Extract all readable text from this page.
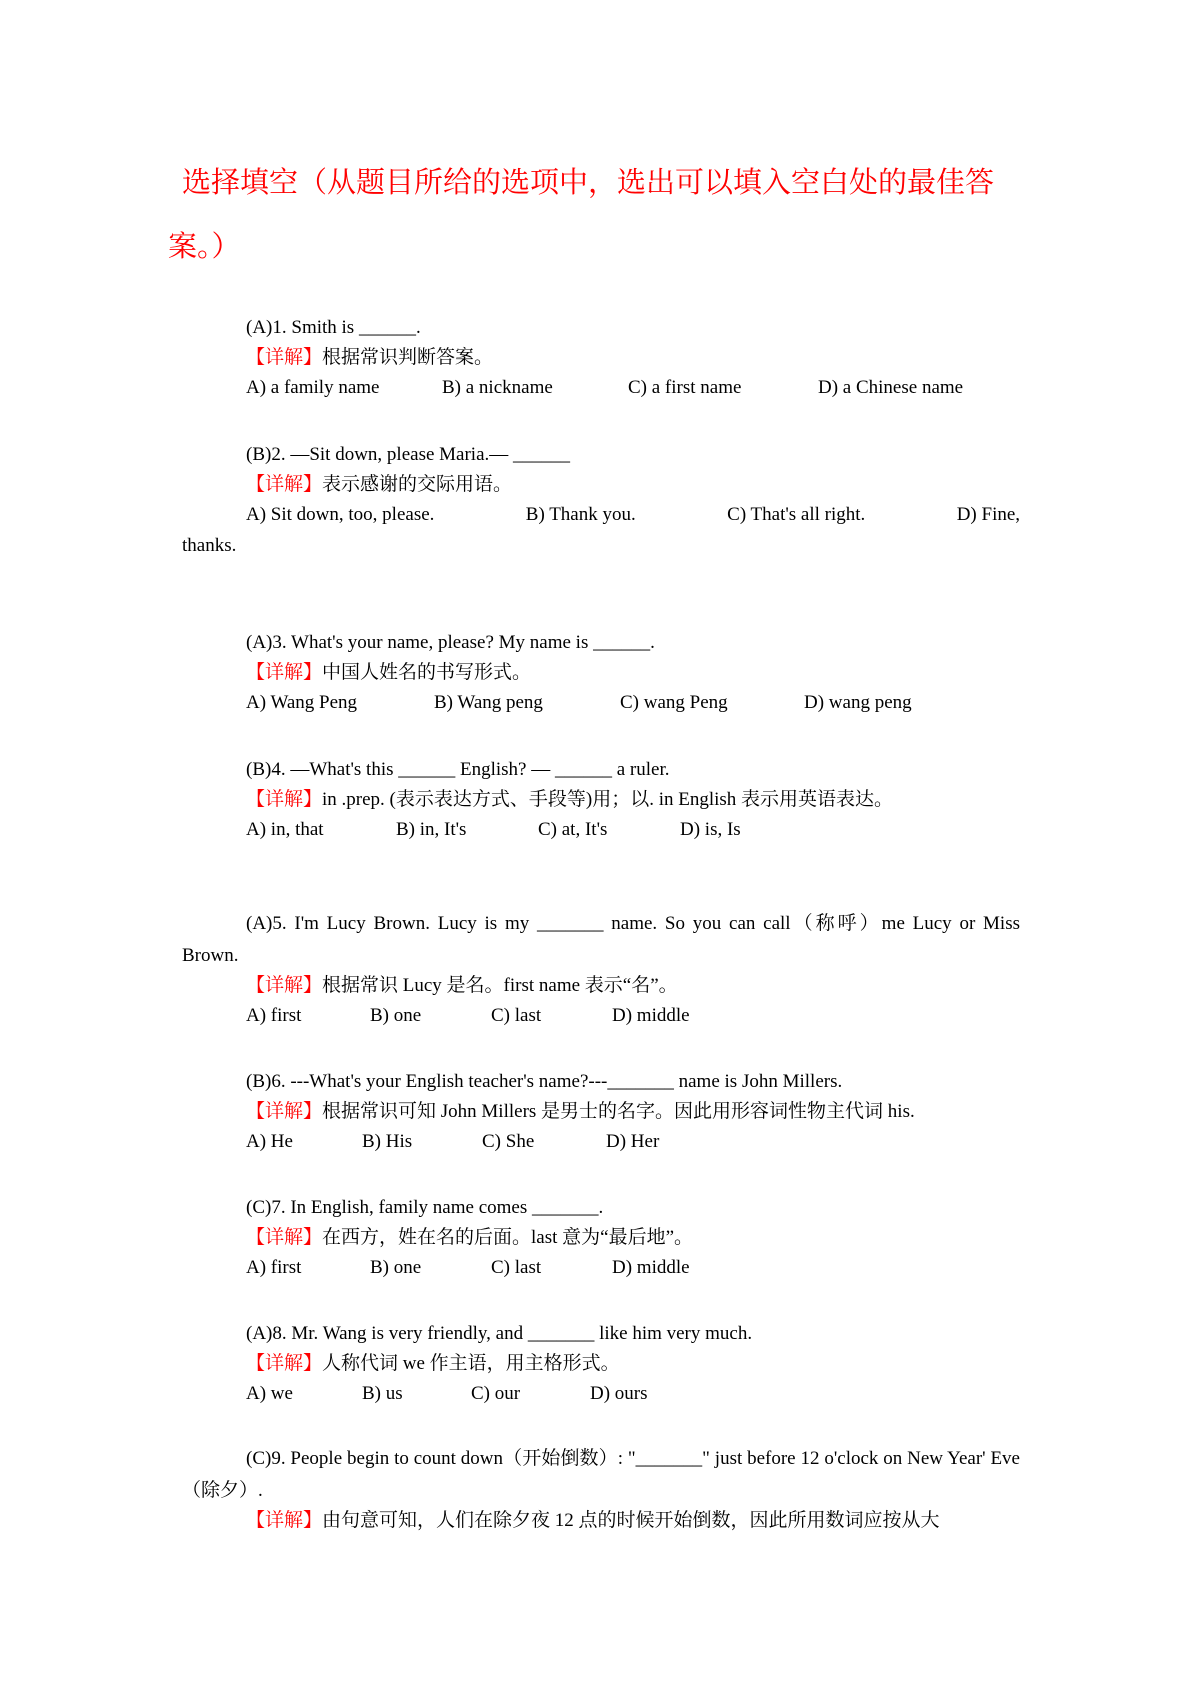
选择填空（从题目所给的选项中，选出可以填入空白处的最佳答案。）
(A)1. Smith is ______.
【详解】根据常识判断答案。
A) a family name	B) a nickname	C) a first name	D) a Chinese name
(B)2. —Sit down, please Maria.— ______
【详解】表示感谢的交际用语。
A) Sit down, too, please.	B) Thank you.	C) That's all right.	D) Fine,
thanks.
(A)3. What's your name, please? My name is ______.
【详解】中国人姓名的书写形式。
A) Wang Peng	B) Wang peng	C) wang Peng	D) wang peng
(B)4. —What's this ______ English? — ______ a ruler.
【详解】in .prep. (表示表达方式、手段等)用；以. in English 表示用英语表达。
A) in, that	B) in, It's	C) at, It's	D) is, Is
(A)5. I'm Lucy Brown. Lucy is my _______ name. So you can call（称呼）me Lucy or Miss Brown.
【详解】根据常识 Lucy 是名。first name 表示“名”。
A) first	B) one	C) last	D) middle
(B)6. ---What's your English teacher's name?---_______ name is John Millers.
【详解】根据常识可知 John Millers 是男士的名字。因此用形容词性物主代词 his.
A) He	B) His	C) She	D) Her
(C)7. In English, family name comes _______.
【详解】在西方，姓在名的后面。last 意为“最后地”。
A) first	B) one	C) last	D) middle
(A)8. Mr. Wang is very friendly, and _______ like him very much.
【详解】人称代词 we 作主语，用主格形式。
A) we	B) us	C) our	D) ours
(C)9. People begin to count down（开始倒数）: "_______" just before 12 o'clock on New Year' Eve（除夕）.
【详解】由句意可知，人们在除夕夜 12 点的时候开始倒数，因此所用数词应按从大
